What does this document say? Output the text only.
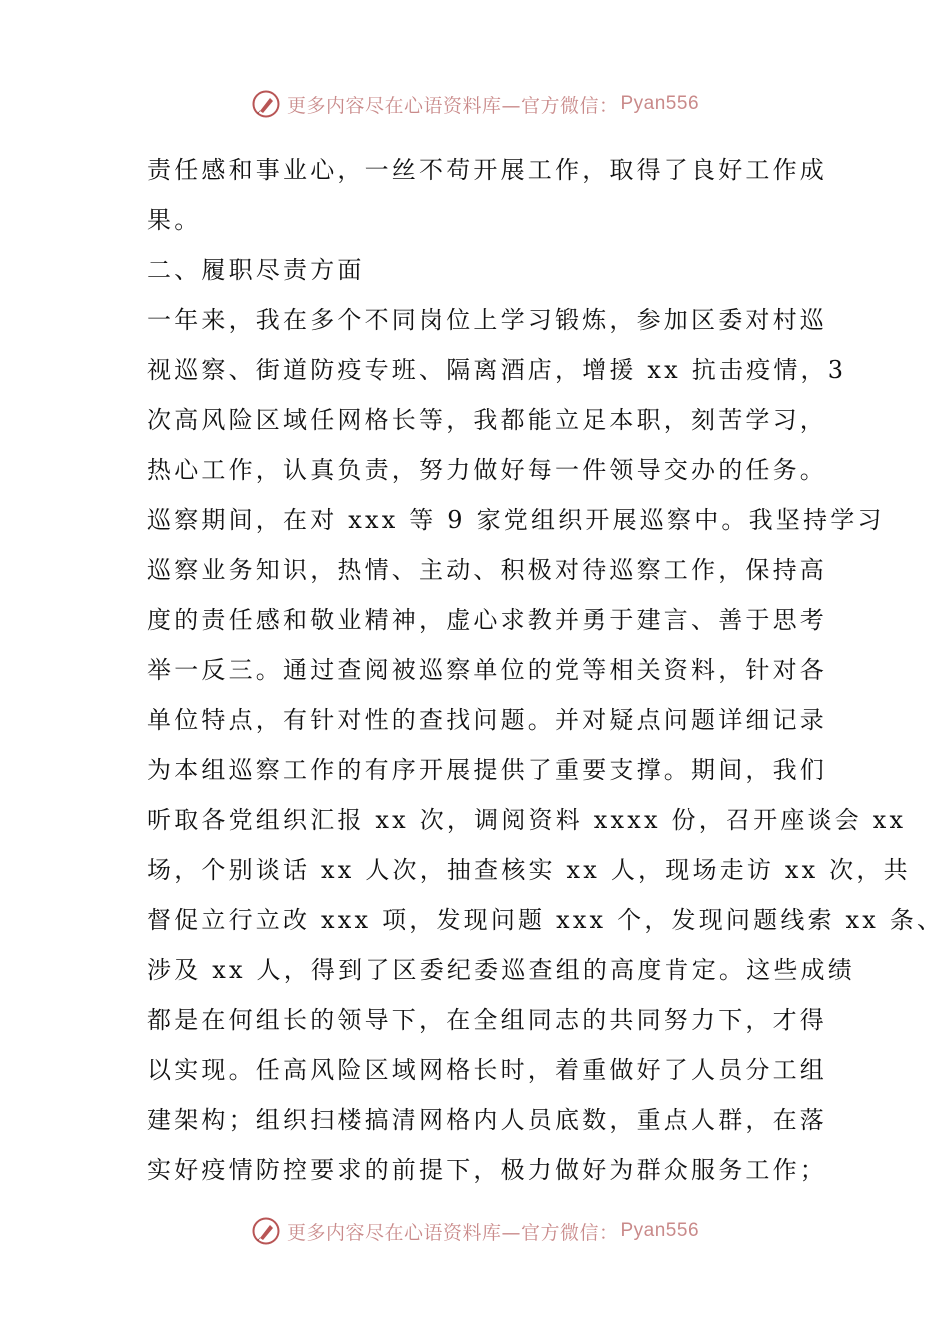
更多内容尽在心语资料库—官方微信： Pyan556
责任感和事业心，一丝不苟开展工作，取得了良好工作成
果。
二、履职尽责方面
一年来，我在多个不同岗位上学习锻炼，参加区委对村巡
视巡察、街道防疫专班、隔离酒店，增援 xx 抗击疫情，3
次高风险区域任网格长等，我都能立足本职，刻苦学习，
热心工作，认真负责，努力做好每一件领导交办的任务。
巡察期间，在对 xxx 等 9 家党组织开展巡察中。我坚持学习
巡察业务知识，热情、主动、积极对待巡察工作，保持高
度的责任感和敬业精神，虚心求教并勇于建言、善于思考
举一反三。通过查阅被巡察单位的党等相关资料，针对各
单位特点，有针对性的查找问题。并对疑点问题详细记录
为本组巡察工作的有序开展提供了重要支撑。期间，我们
听取各党组织汇报 xx 次，调阅资料 xxxx 份，召开座谈会 xx
场，个别谈话 xx 人次，抽查核实 xx 人，现场走访 xx 次，共
督促立行立改 xxx 项，发现问题 xxx 个，发现问题线索 xx 条、
涉及 xx 人，得到了区委纪委巡查组的高度肯定。这些成绩
都是在何组长的领导下，在全组同志的共同努力下，才得
以实现。任高风险区域网格长时，着重做好了人员分工组
建架构；组织扫楼搞清网格内人员底数，重点人群，在落
实好疫情防控要求的前提下，极力做好为群众服务工作；
更多内容尽在心语资料库—官方微信： Pyan556
